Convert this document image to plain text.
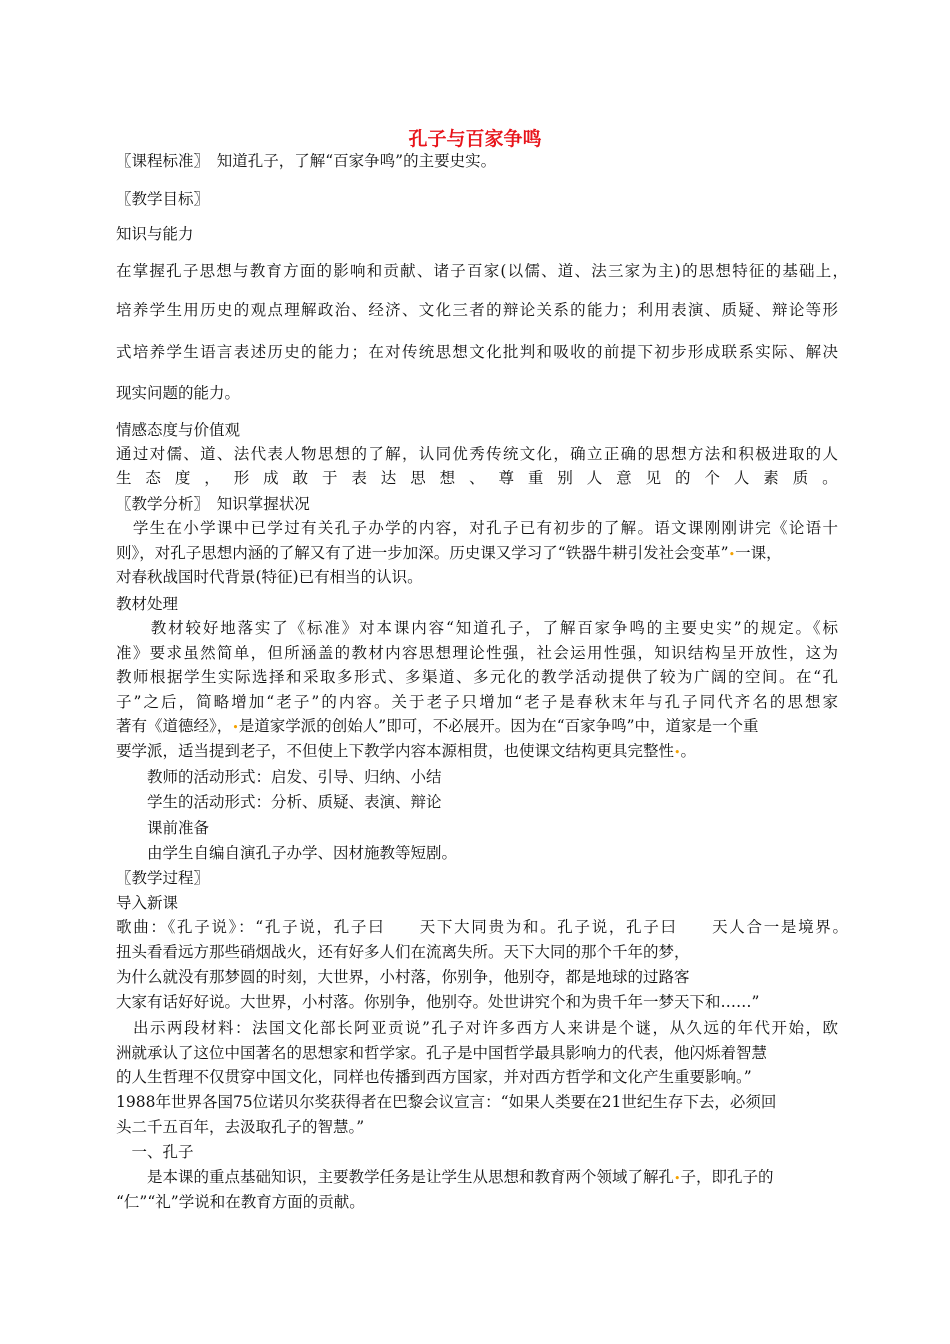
孔子与百家争鸣

〖课程标准〗　知道孔子，了解“百家争鸣”的主要史实。

〖教学目标〗

知识与能力

在掌握孔子思想与教育方面的影响和贡献、诸子百家(以儒、道、法三家为主)的思想特征的基础上，

培养学生用历史的观点理解政治、经济、文化三者的辩论关系的能力；利用表演、质疑、辩论等形

式培养学生语言表述历史的能力；在对传统思想文化批判和吸收的前提下初步形成联系实际、解决

现实问题的能力。

情感态度与价值观

通过对儒、道、法代表人物思想的了解，认同优秀传统文化，确立正确的思想方法和积极进取的人

生 态 度 ， 形 成 敢 于 表 达 思 想 、 尊 重 别 人 意 见 的 个 人 素 质 。

〖教学分析〗　知识掌握状况

　学生在小学课中已学过有关孔子办学的内容，对孔子已有初步的了解。语文课刚刚讲完《论语十

则》，对孔子思想内涵的了解又有了进一步加深。历史课又学习了“铁器牛耕引发社会变革”•一课，

对春秋战国时代背景(特征)已有相当的认识。

教材处理

　　教材较好地落实了《标准》对本课内容“知道孔子，了解百家争鸣的主要史实”的规定。《标

准》要求虽然简单，但所涵盖的教材内容思想理论性强，社会运用性强，知识结构呈开放性，这为

教师根据学生实际选择和采取多形式、多渠道、多元化的教学活动提供了较为广阔的空间。在“孔

子”之后，简略增加“老子”的内容。关于老子只增加“老子是春秋末年与孔子同代齐名的思想家

著有《道德经》，•是道家学派的创始人”即可，不必展开。因为在“百家争鸣”中，道家是一个重

要学派，适当提到老子，不但使上下教学内容本源相贯，也使课文结构更具完整性•。

　　教师的活动形式：启发、引导、归纳、小结

　　学生的活动形式：分析、质疑、表演、辩论

　　课前准备

　　由学生自编自演孔子办学、因材施教等短剧。

〖教学过程〗

导入新课

歌曲：《孔子说》：“孔子说，孔子曰　　天下大同贵为和。孔子说，孔子曰　　天人合一是境界。

扭头看看远方那些硝烟战火，还有好多人们在流离失所。天下大同的那个千年的梦，

为什么就没有那梦圆的时刻，大世界，小村落，你别争，他别夺，都是地球的过路客

大家有话好好说。大世界，小村落。你别争，他别夺。处世讲究个和为贵千年一梦天下和……”

　出示两段材料：法国文化部长阿亚贡说”孔子对许多西方人来讲是个谜，从久远的年代开始，欧

洲就承认了这位中国著名的思想家和哲学家。孔子是中国哲学最具影响力的代表，他闪烁着智慧

的人生哲理不仅贯穿中国文化，同样也传播到西方国家，并对西方哲学和文化产生重要影响。”

1988年世界各国75位诺贝尔奖获得者在巴黎会议宣言：“如果人类要在21世纪生存下去，必须回

头二千五百年，去汲取孔子的智慧。”

　一、孔子

　　是本课的重点基础知识，主要教学任务是让学生从思想和教育两个领域了解孔•子，即孔子的

“仁”“礼”学说和在教育方面的贡献。
